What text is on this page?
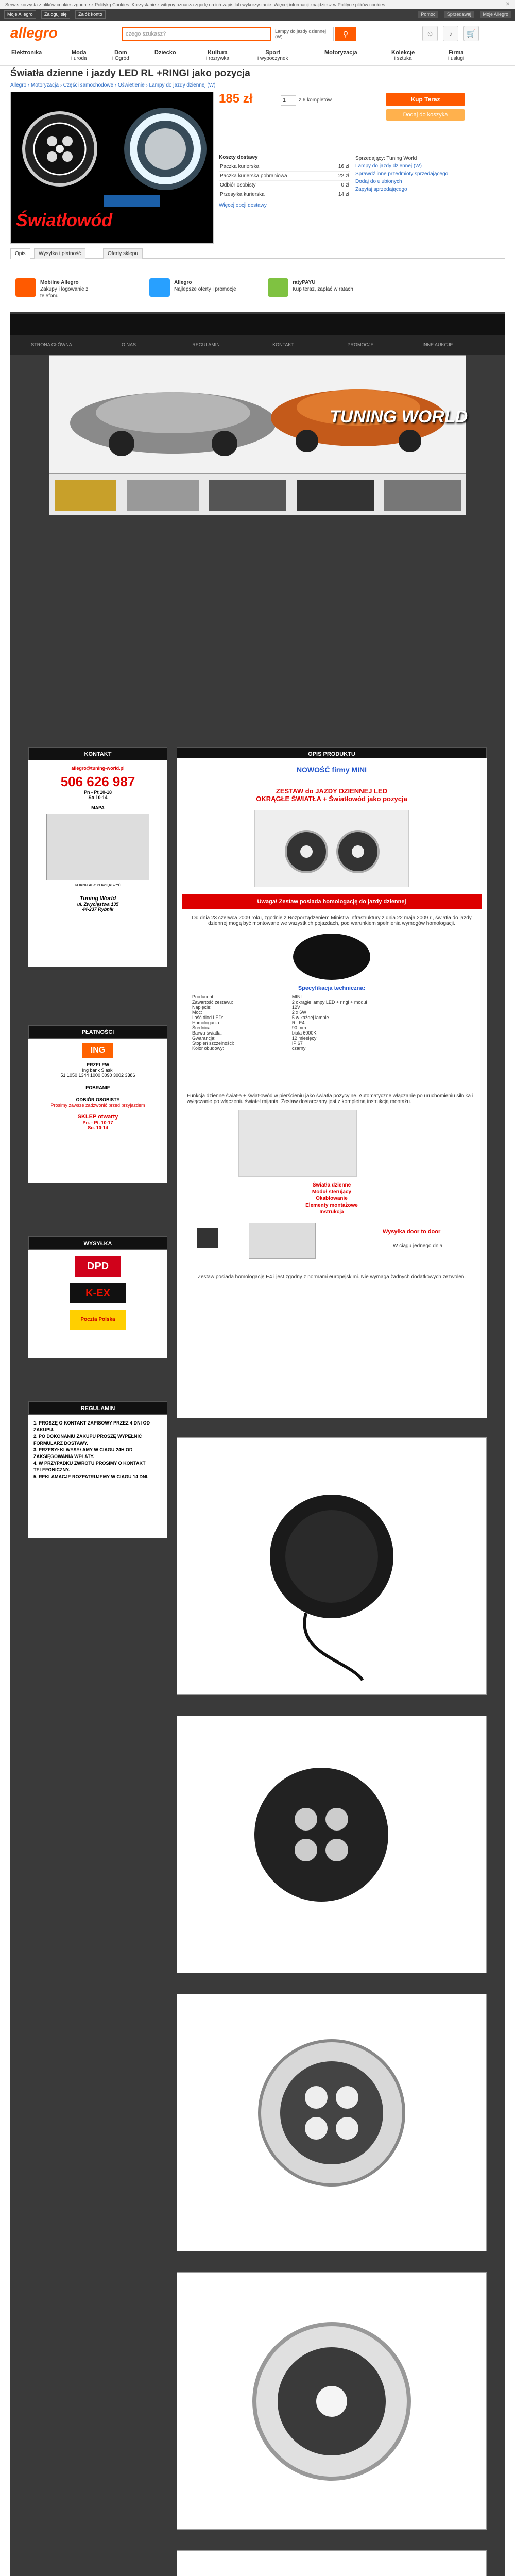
Serwis korzysta z plików cookies zgodnie z Polityką Cookies. Korzystanie z witryny oznacza zgodę na ich zapis lub wykorzystanie. Więcej informacji znajdziesz w Polityce plików cookies.	✕
Moje Allegro	Zaloguj się	Załóż konto	Pomoc	Sprzedawaj	Moje Allegro
allegro	czego szukasz?	Lampy do jazdy dziennej (W)	⚲	☺	♪	🛒
Elektronika	Moda
i uroda
Dom
i Ogród
Dziecko	Kultura
i rozrywka
Sport
i wypoczynek
Motoryzacja	Kolekcje
i sztuka
Firma
i usługi
Światła dzienne i jazdy LED RL +RINGI jako pozycja
Allegro › Motoryzacja › Części samochodowe › Oświetlenie › Lampy do jazdy dziennej (W)
Światłowód
185 zł	1	z 6 kompletów	Kup Teraz
Dodaj do koszyka
Koszty dostawy
Paczka kurierska	16 zł
Paczka kurierska pobraniowa	22 zł
Odbiór osobisty	0 zł
Przesyłka kurierska	14 zł
Więcej opcji dostawy
Sprzedający: Tuning World
Lampy do jazdy dziennej (W)
Sprawdź inne przedmioty sprzedającego
Dodaj do ulubionych
Zapytaj sprzedającego
Opis	Wysyłka i płatność	Oferty sklepu
Mobilne Allegro
Zakupy i logowanie z telefonu
Allegro
Najlepsze oferty i promocje
ratyPAYU
Kup teraz, zapłać w ratach
STRONA GŁÓWNA	O NAS	REGULAMIN	KONTAKT	PROMOCJE	INNE AUKCJE
TUNING WORLD
KONTAKT
allegro@tuning-world.pl
506 626 987
Pn - Pt 10-18
So 10-14
MAPA
KLIKNIJ ABY POWIĘKSZYĆ
Tuning World
ul. Zwycięstwa 135
44-237 Rybnik
PŁATNOŚCI
ING
PRZELEW
Ing bank Slaski
51 1050 1344 1000 0090 3002 3386
POBRANIE
ODBIÓR OSOBISTY
Prosimy zawsze zadzwonić przed przyjazdem
SKLEP otwarty
Pn. - Pt. 10-17
So. 10-14
WYSYŁKA
DPD
K-EX
Poczta Polska
REGULAMIN
1. PROSZĘ O KONTAKT ZAPISOWY PRZEZ 4 DNI OD ZAKUPU.
2. PO DOKONANIU ZAKUPU PROSZĘ WYPEŁNIĆ FORMULARZ DOSTAWY.
3. PRZESYŁKI WYSYŁAMY W CIĄGU 24H OD ZAKSIĘGOWANIA WPŁATY.
4. W PRZYPADKU ZWROTU PROSIMY O KONTAKT TELEFONICZNY.
5. REKLAMACJE ROZPATRUJEMY W CIĄGU 14 DNI.
OPIS PRODUKTU
NOWOŚĆ firmy MINI
ZESTAW do JAZDY DZIENNEJ LED
OKRĄGŁE ŚWIATŁA + Światłowód jako pozycja
Uwaga! Zestaw posiada homologację do jazdy dziennej
Od dnia 23 czerwca 2009 roku, zgodnie z Rozporządzeniem Ministra Infrastruktury z dnia 22 maja 2009 r., światła do jazdy dziennej mogą być montowane we wszystkich pojazdach, pod warunkiem spełnienia wymogów homologacji.
Specyfikacja techniczna:
Producent:	MINI
Zawartość zestawu:	2 okrągłe lampy LED + ringi + moduł
Napięcie:	12V
Moc:	2 x 6W
Ilość diod LED:	5 w każdej lampie
Homologacja:	RL E4
Średnica:	90 mm
Barwa światła:	biała 6000K
Gwarancja:	12 miesięcy
Stopień szczelności:	IP 67
Kolor obudowy:	czarny
Funkcja dzienne światła + światłowód w pierścieniu jako światła pozycyjne. Automatyczne włączanie po uruchomieniu silnika i wyłączanie po włączeniu świateł mijania. Zestaw dostarczany jest z kompletną instrukcją montażu.
Światła dzienne
Moduł sterujący
Okablowanie
Elementy montażowe
Instrukcja
Wysyłka door to door
W ciągu jednego dnia!
Zestaw posiada homologację E4 i jest zgodny z normami europejskimi. Nie wymaga żadnych dodatkowych zezwoleń.
